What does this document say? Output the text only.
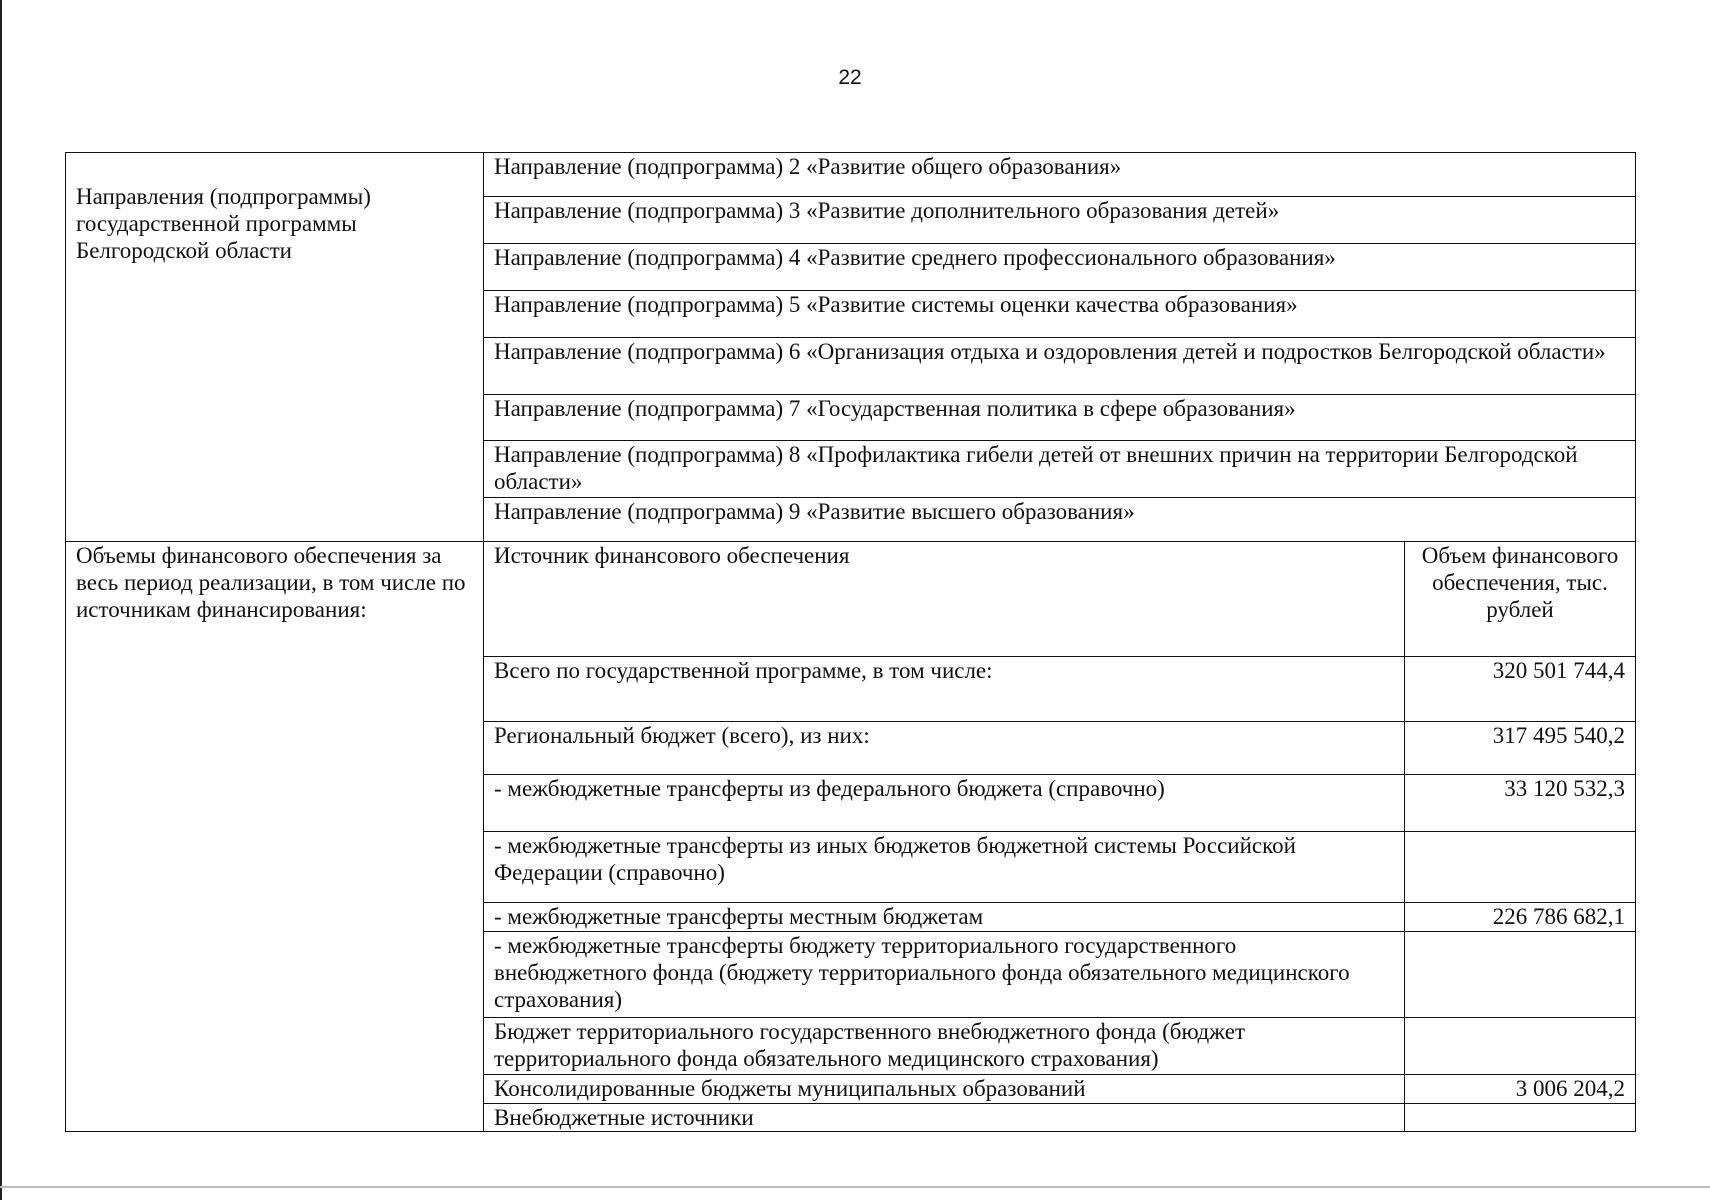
22
Направления (подпрограммы) государственной программы Белгородской области	Направление (подпрограмма) 2 «Развитие общего образования»	
	Направление (подпрограмма) 3 «Развитие дополнительного образования детей»	
	Направление (подпрограмма) 4 «Развитие среднего профессионального образования»	
	Направление (подпрограмма) 5 «Развитие системы оценки качества образования»	
	Направление (подпрограмма) 6 «Организация отдыха и оздоровления детей и подростков Белгородской области»	
	Направление (подпрограмма) 7 «Государственная политика в сфере образования»	
	Направление (подпрограмма) 8 «Профилактика гибели детей от внешних причин на территории Белгородской области»	
	Направление (подпрограмма) 9 «Развитие высшего образования»	
Объемы финансового обеспечения за весь период реализации, в том числе по источникам финансирования:	Источник финансового обеспечения	Объем финансового обеспечения, тыс. рублей
	Всего по государственной программе, в том числе:	320 501 744,4
	Региональный бюджет (всего), из них:	317 495 540,2
	- межбюджетные трансферты из федерального бюджета (справочно)	33 120 532,3
	- межбюджетные трансферты из иных бюджетов бюджетной системы Российской Федерации (справочно)	
	- межбюджетные трансферты местным бюджетам	226 786 682,1
	- межбюджетные трансферты бюджету территориального государственного внебюджетного фонда (бюджету территориального фонда обязательного медицинского страхования)	
	Бюджет территориального государственного внебюджетного фонда (бюджет территориального фонда обязательного медицинского страхования)	
	Консолидированные бюджеты муниципальных образований	3 006 204,2
	Внебюджетные источники	
